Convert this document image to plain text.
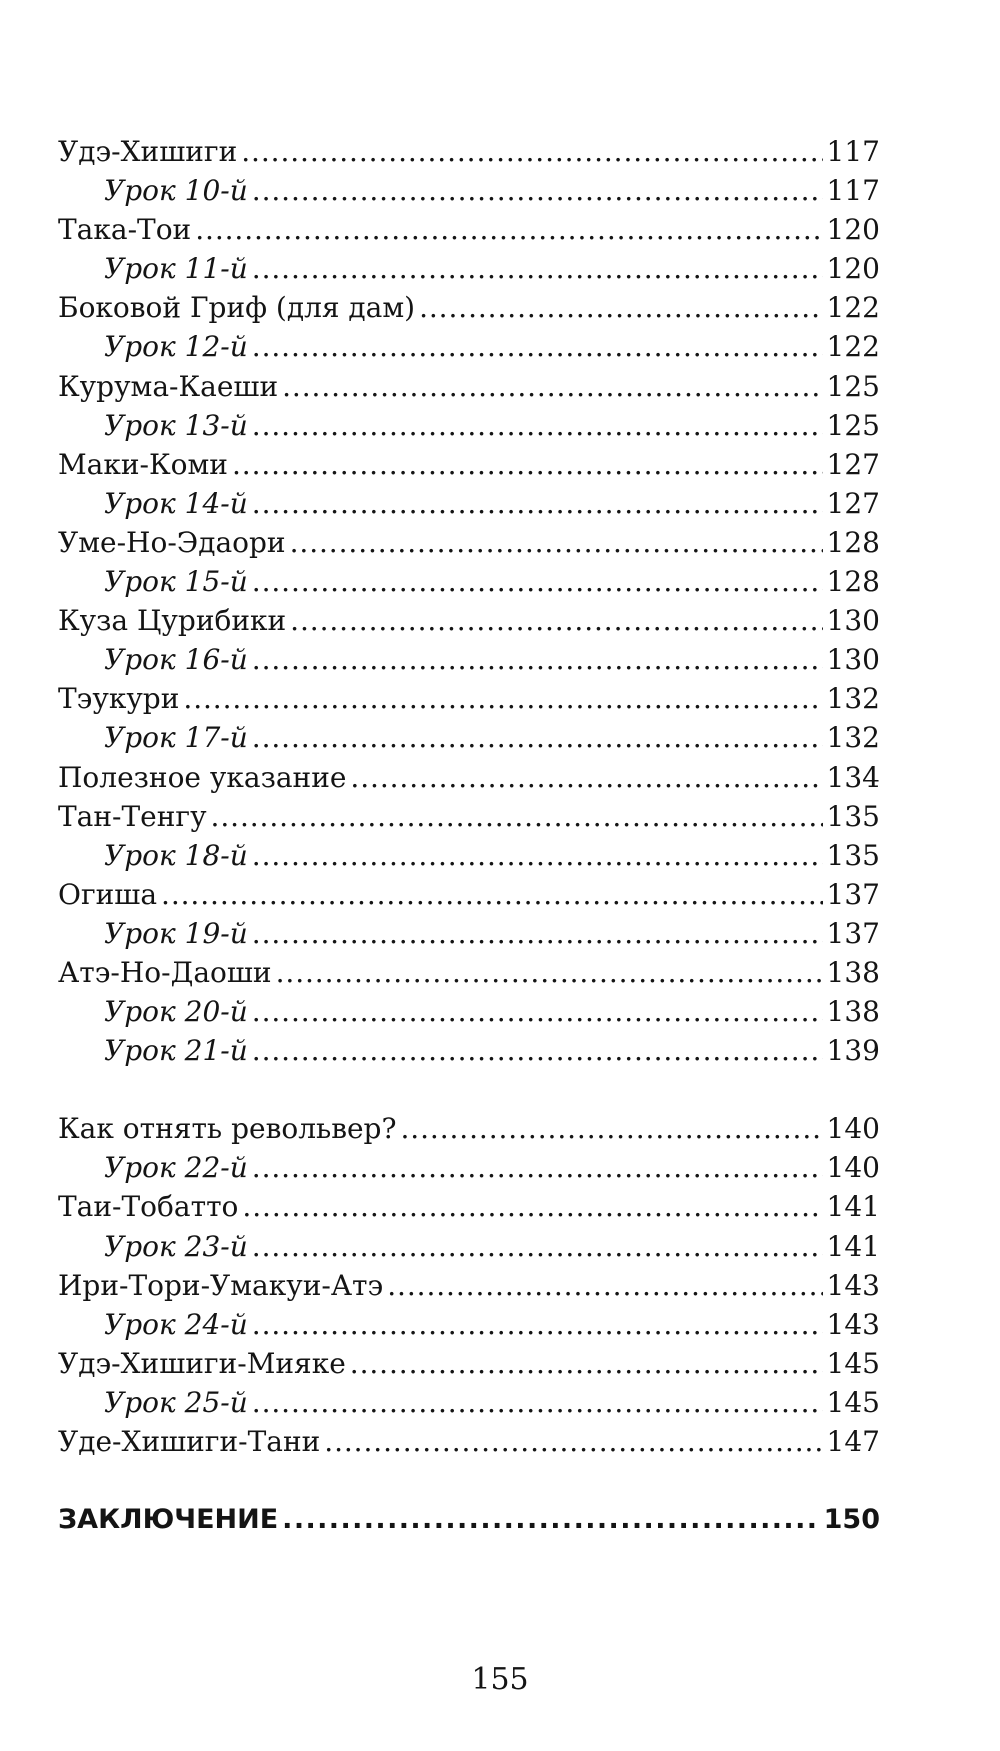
Удэ-Хишиги . . .	117
Урок 10-й . . .	117
Така-Тои . . .	120
Урок 11-й . . .	120
Боковой Гриф (для дам) . . .	122
Урок 12-й . . .	122
Курума-Каеши . . .	125
Урок 13-й . . .	125
Маки-Коми . . .	127
Урок 14-й . . .	127
Уме-Но-Эдаори . . .	128
Урок 15-й . . .	128
Куза Цурибики . . .	130
Урок 16-й . . .	130
Тэукури . . .	132
Урок 17-й . . .	132
Полезное указание . . .	134
Тан-Тенгу . . .	135
Урок 18-й . . .	135
Огиша . . .	137
Урок 19-й . . .	137
Атэ-Но-Даоши . . .	138
Урок 20-й . . .	138
Урок 21-й . . .	139
Как отнять револьвер? . . .	140
Урок 22-й . . .	140
Таи-Тобатто . . .	141
Урок 23-й . . .	141
Ири-Тори-Умакуи-Атэ . . .	143
Урок 24-й . . .	143
Удэ-Хишиги-Мияке . . .	145
Урок 25-й . . .	145
Уде-Хишиги-Тани . . .	147
ЗАКЛЮЧЕНИЕ . . .	150
155
